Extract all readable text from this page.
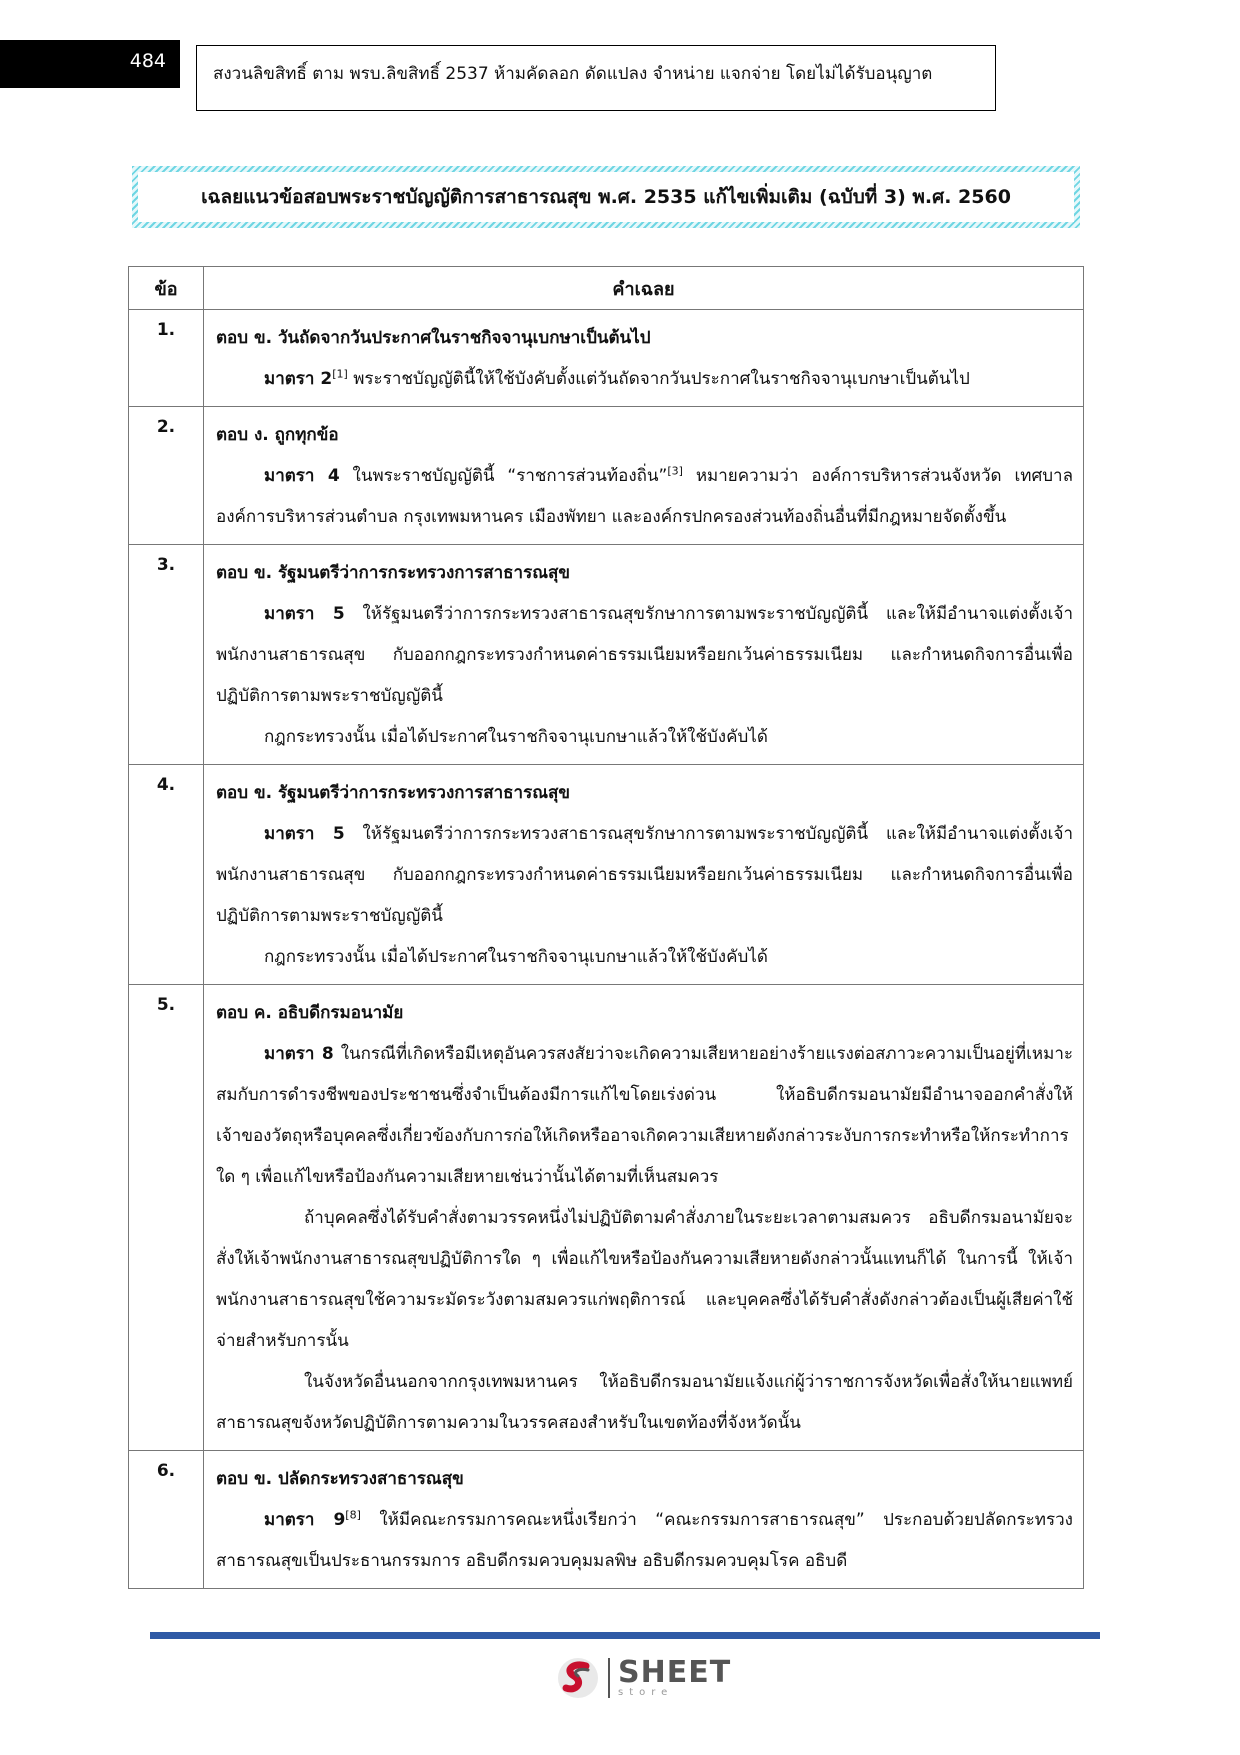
484
สงวนลิขสิทธิ์ ตาม พรบ.ลิขสิทธิ์ 2537 ห้ามคัดลอก ดัดแปลง จำหน่าย แจกจ่าย โดยไม่ได้รับอนุญาต
เฉลยแนวข้อสอบพระราชบัญญัติการสาธารณสุข พ.ศ. 2535 แก้ไขเพิ่มเติม (ฉบับที่ 3) พ.ศ. 2560
ข้อ	คำเฉลย
1.	ตอบ ข. วันถัดจากวันประกาศในราชกิจจานุเบกษาเป็นต้นไป
มาตรา 2[1] พระราชบัญญัตินี้ให้ใช้บังคับตั้งแต่วันถัดจากวันประกาศในราชกิจจานุเบกษาเป็นต้นไป

2.	ตอบ ง. ถูกทุกข้อ
มาตรา 4 ในพระราชบัญญัตินี้ “ราชการส่วนท้องถิ่น”[3] หมายความว่า องค์การบริหารส่วนจังหวัด เทศบาล องค์การบริหารส่วนตำบล กรุงเทพมหานคร เมืองพัทยา และองค์กรปกครองส่วนท้องถิ่นอื่นที่มีกฎหมายจัดตั้งขึ้น

3.	ตอบ ข. รัฐมนตรีว่าการกระทรวงการสาธารณสุข
มาตรา 5 ให้รัฐมนตรีว่าการกระทรวงสาธารณสุขรักษาการตามพระราชบัญญัตินี้ และให้มีอำนาจแต่งตั้งเจ้าพนักงานสาธารณสุข กับออกกฎกระทรวงกำหนดค่าธรรมเนียมหรือยกเว้นค่าธรรมเนียม และกำหนดกิจการอื่นเพื่อปฏิบัติการตามพระราชบัญญัตินี้
กฎกระทรวงนั้น เมื่อได้ประกาศในราชกิจจานุเบกษาแล้วให้ใช้บังคับได้

4.	ตอบ ข. รัฐมนตรีว่าการกระทรวงการสาธารณสุข
มาตรา 5 ให้รัฐมนตรีว่าการกระทรวงสาธารณสุขรักษาการตามพระราชบัญญัตินี้ และให้มีอำนาจแต่งตั้งเจ้าพนักงานสาธารณสุข กับออกกฎกระทรวงกำหนดค่าธรรมเนียมหรือยกเว้นค่าธรรมเนียม และกำหนดกิจการอื่นเพื่อปฏิบัติการตามพระราชบัญญัตินี้
กฎกระทรวงนั้น เมื่อได้ประกาศในราชกิจจานุเบกษาแล้วให้ใช้บังคับได้

5.	ตอบ ค. อธิบดีกรมอนามัย
มาตรา 8 ในกรณีที่เกิดหรือมีเหตุอันควรสงสัยว่าจะเกิดความเสียหายอย่างร้ายแรงต่อสภาวะความเป็นอยู่ที่เหมาะสมกับการดำรงชีพของประชาชนซึ่งจำเป็นต้องมีการแก้ไขโดยเร่งด่วน ให้อธิบดีกรมอนามัยมีอำนาจออกคำสั่งให้เจ้าของวัตถุหรือบุคคลซึ่งเกี่ยวข้องกับการก่อให้เกิดหรืออาจเกิดความเสียหายดังกล่าวระงับการกระทำหรือให้กระทำการใด ๆ เพื่อแก้ไขหรือป้องกันความเสียหายเช่นว่านั้นได้ตามที่เห็นสมควร
ถ้าบุคคลซึ่งได้รับคำสั่งตามวรรคหนึ่งไม่ปฏิบัติตามคำสั่งภายในระยะเวลาตามสมควร อธิบดีกรมอนามัยจะสั่งให้เจ้าพนักงานสาธารณสุขปฏิบัติการใด ๆ เพื่อแก้ไขหรือป้องกันความเสียหายดังกล่าวนั้นแทนก็ได้ ในการนี้ ให้เจ้าพนักงานสาธารณสุขใช้ความระมัดระวังตามสมควรแก่พฤติการณ์ และบุคคลซึ่งได้รับคำสั่งดังกล่าวต้องเป็นผู้เสียค่าใช้จ่ายสำหรับการนั้น
ในจังหวัดอื่นนอกจากกรุงเทพมหานคร ให้อธิบดีกรมอนามัยแจ้งแก่ผู้ว่าราชการจังหวัดเพื่อสั่งให้นายแพทย์สาธารณสุขจังหวัดปฏิบัติการตามความในวรรคสองสำหรับในเขตท้องที่จังหวัดนั้น

6.	ตอบ ข. ปลัดกระทรวงสาธารณสุข
มาตรา 9[8] ให้มีคณะกรรมการคณะหนึ่งเรียกว่า “คณะกรรมการสาธารณสุข” ประกอบด้วยปลัดกระทรวงสาธารณสุขเป็นประธานกรรมการ อธิบดีกรมควบคุมมลพิษ อธิบดีกรมควบคุมโรค อธิบดี
SHEET
store
